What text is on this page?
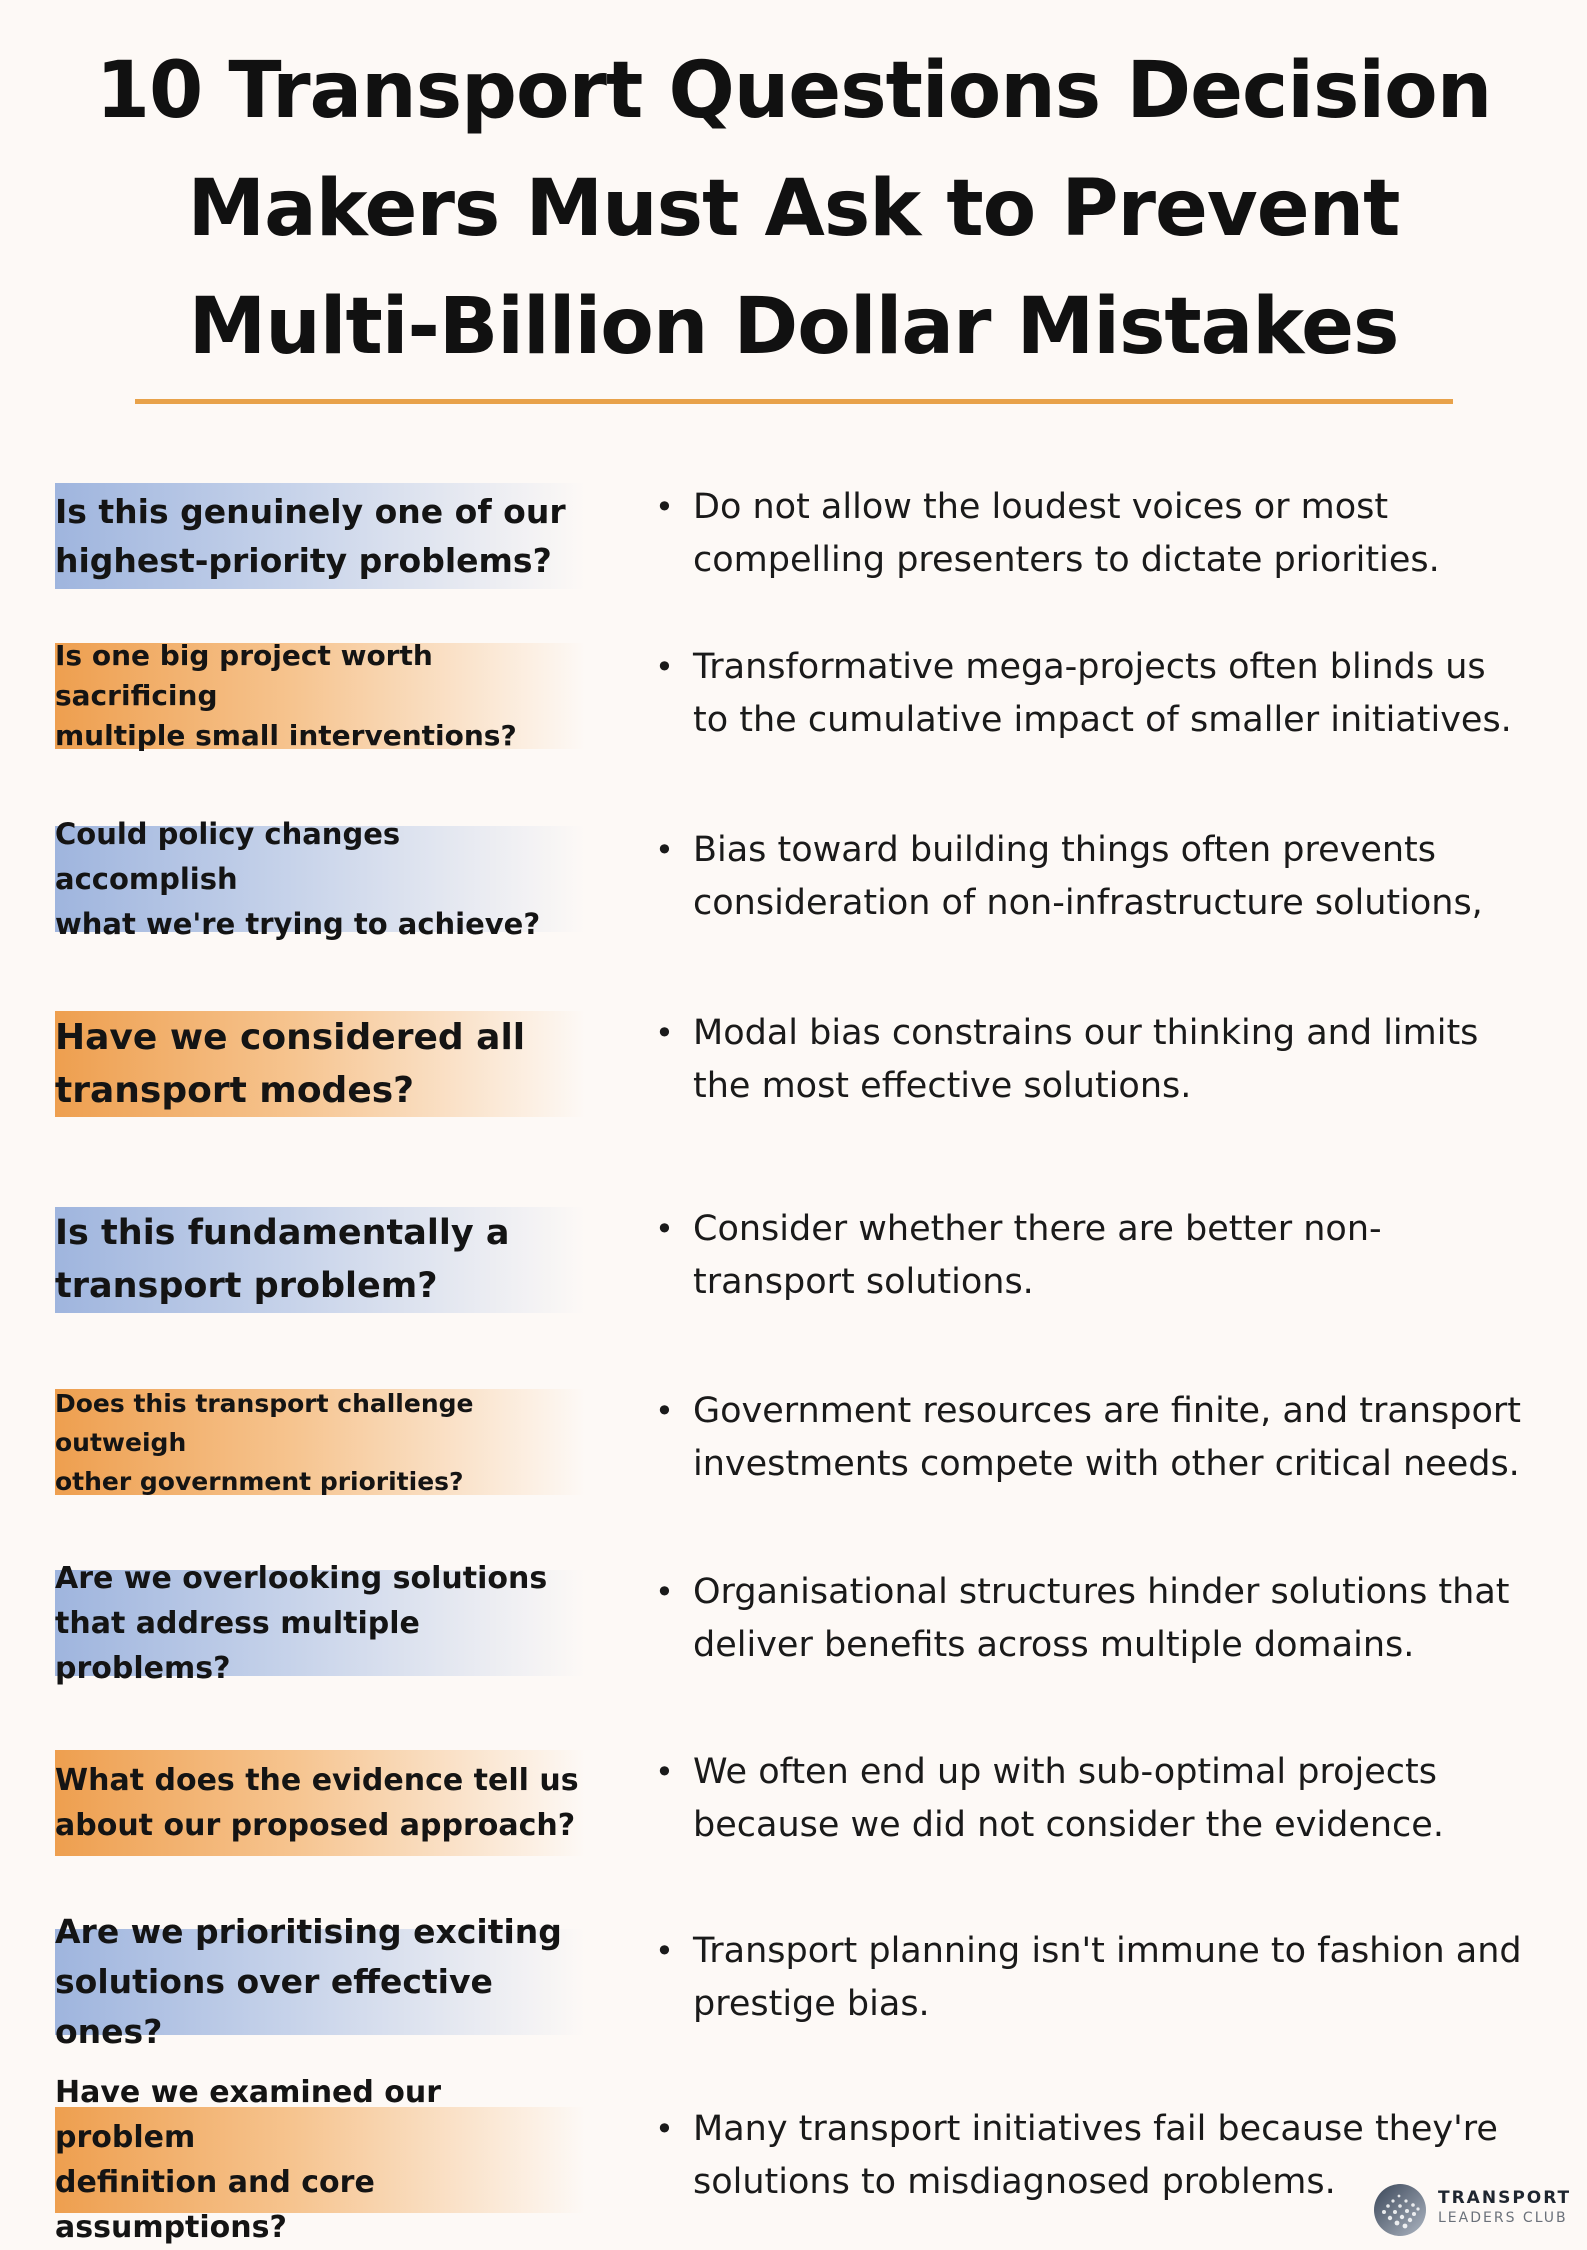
10 Transport Questions Decision Makers Must Ask to Prevent Multi-Billion Dollar Mistakes
Is this genuinely one of our
highest-priority problems?
• Do not allow the loudest voices or most
compelling presenters to dictate priorities.
Is one big project worth sacrificing
multiple small interventions?
• Transformative mega-projects often blinds us
to the cumulative impact of smaller initiatives.
Could policy changes accomplish
what we're trying to achieve?
• Bias toward building things often prevents
consideration of non-infrastructure solutions,
Have we considered all
transport modes?
• Modal bias constrains our thinking and limits
the most effective solutions.
Is this fundamentally a
transport problem?
• Consider whether there are better non-
transport solutions.
Does this transport challenge outweigh
other government priorities?
• Government resources are finite, and transport
investments compete with other critical needs.
Are we overlooking solutions
that address multiple problems?
• Organisational structures hinder solutions that
deliver benefits across multiple domains.
What does the evidence tell us
about our proposed approach?
• We often end up with sub-optimal projects
because we did not consider the evidence.
Are we prioritising exciting
solutions over effective ones?
• Transport planning isn't immune to fashion and
prestige bias.
Have we examined our problem
definition and core assumptions?
• Many transport initiatives fail because they're
solutions to misdiagnosed problems.	TRANSPORT
LEADERS CLUB
